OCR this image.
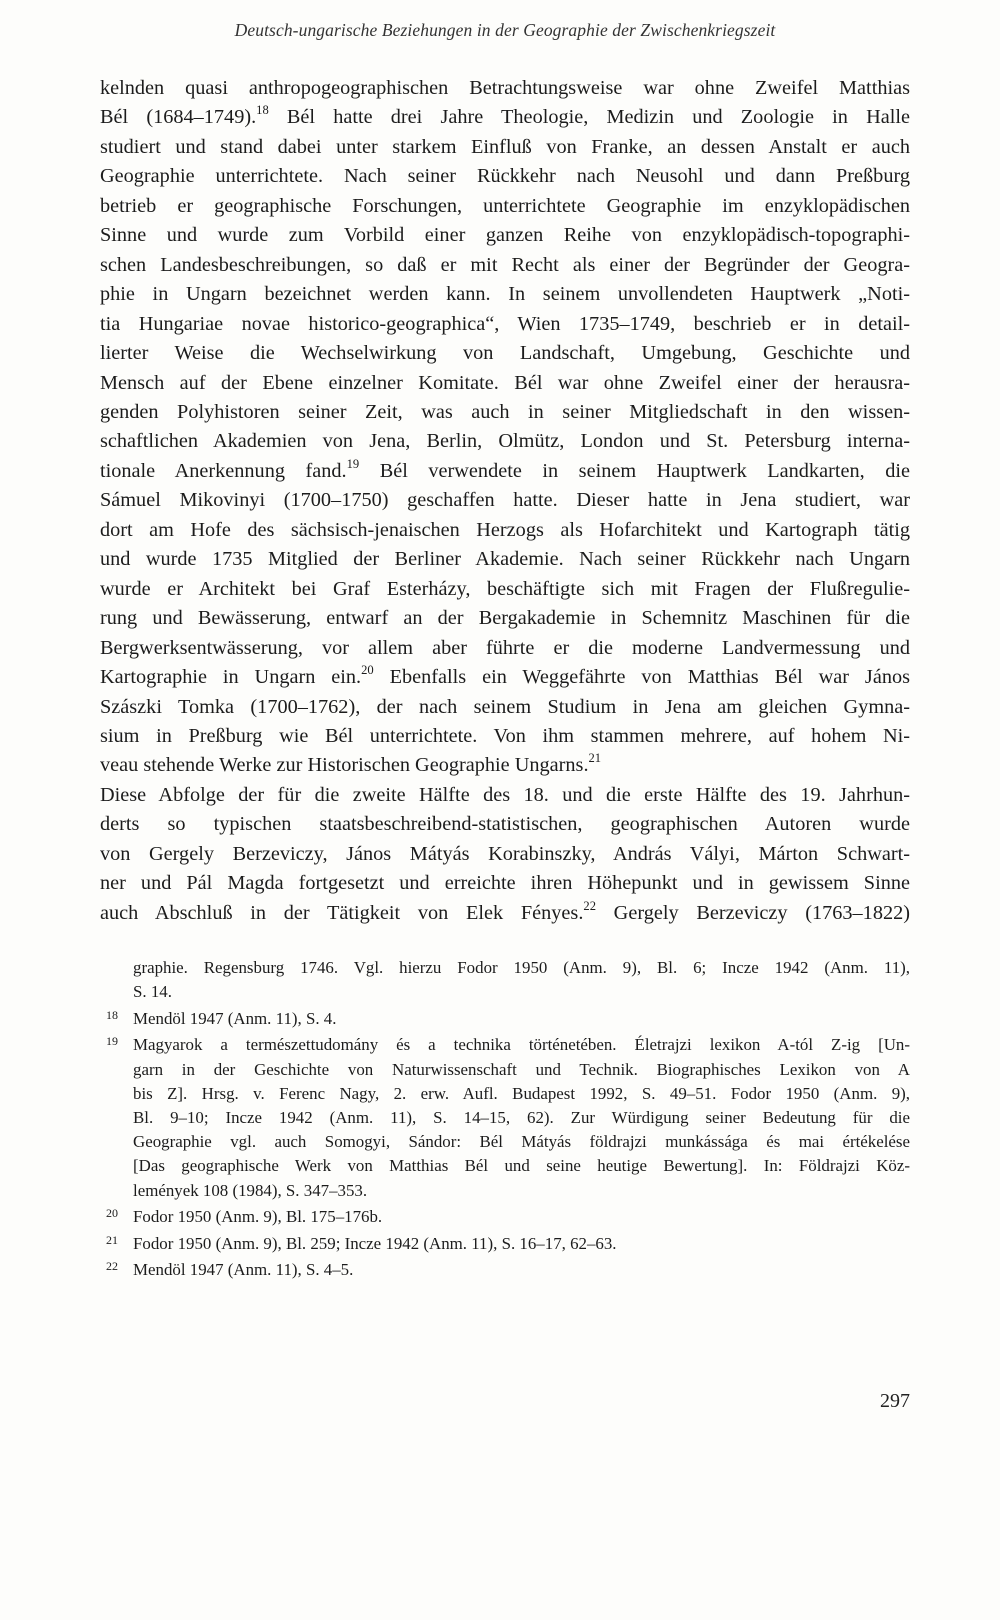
Deutsch-ungarische Beziehungen in der Geographie der Zwischenkriegszeit

kelnden quasi anthropogeographischen Betrachtungsweise war ohne Zweifel Matthias

Bél (1684–1749).$^{18}$ Bél hatte drei Jahre Theologie, Medizin und Zoologie in Halle

studiert und stand dabei unter starkem Einfluß von Franke, an dessen Anstalt er auch

Geographie unterrichtete. Nach seiner Rückkehr nach Neusohl und dann Preßburg

betrieb er geographische Forschungen, unterrichtete Geographie im enzyklopädischen

Sinne und wurde zum Vorbild einer ganzen Reihe von enzyklopädisch-topographi-

schen Landesbeschreibungen, so daß er mit Recht als einer der Begründer der Geogra-

phie in Ungarn bezeichnet werden kann. In seinem unvollendeten Hauptwerk „Noti-

tia Hungariae novae historico-geographica“, Wien 1735–1749, beschrieb er in detail-

lierter Weise die Wechselwirkung von Landschaft, Umgebung, Geschichte und

Mensch auf der Ebene einzelner Komitate. Bél war ohne Zweifel einer der herausra-

genden Polyhistoren seiner Zeit, was auch in seiner Mitgliedschaft in den wissen-

schaftlichen Akademien von Jena, Berlin, Olmütz, London und St. Petersburg interna-

tionale Anerkennung fand.$^{19}$ Bél verwendete in seinem Hauptwerk Landkarten, die

Sámuel Mikovinyi (1700–1750) geschaffen hatte. Dieser hatte in Jena studiert, war

dort am Hofe des sächsisch-jenaischen Herzogs als Hofarchitekt und Kartograph tätig

und wurde 1735 Mitglied der Berliner Akademie. Nach seiner Rückkehr nach Ungarn

wurde er Architekt bei Graf Esterházy, beschäftigte sich mit Fragen der Flußregulie-

rung und Bewässerung, entwarf an der Bergakademie in Schemnitz Maschinen für die

Bergwerksentwässerung, vor allem aber führte er die moderne Landvermessung und

Kartographie in Ungarn ein.$^{20}$ Ebenfalls ein Weggefährte von Matthias Bél war János

Szászki Tomka (1700–1762), der nach seinem Studium in Jena am gleichen Gymna-

sium in Preßburg wie Bél unterrichtete. Von ihm stammen mehrere, auf hohem Ni-

veau stehende Werke zur Historischen Geographie Ungarns.$^{21}$

Diese Abfolge der für die zweite Hälfte des 18. und die erste Hälfte des 19. Jahrhun-

derts so typischen staatsbeschreibend-statistischen, geographischen Autoren wurde

von Gergely Berzeviczy, János Mátyás Korabinszky, András Vályi, Márton Schwart-

ner und Pál Magda fortgesetzt und erreichte ihren Höhepunkt und in gewissem Sinne

auch Abschluß in der Tätigkeit von Elek Fényes.$^{22}$ Gergely Berzeviczy (1763–1822)

graphie. Regensburg 1746. Vgl. hierzu Fodor 1950 (Anm. 9), Bl. 6; Incze 1942 (Anm. 11),
S. 14.
18 Mendöl 1947 (Anm. 11), S. 4.
19 Magyarok a természettudomány és a technika történetében. Életrajzi lexikon A-tól Z-ig [Un-
garn in der Geschichte von Naturwissenschaft und Technik. Biographisches Lexikon von A
bis Z]. Hrsg. v. Ferenc Nagy, 2. erw. Aufl. Budapest 1992, S. 49–51. Fodor 1950 (Anm. 9),
Bl. 9–10; Incze 1942 (Anm. 11), S. 14–15, 62). Zur Würdigung seiner Bedeutung für die
Geographie vgl. auch Somogyi, Sándor: Bél Mátyás földrajzi munkássága és mai értékelése
[Das geographische Werk von Matthias Bél und seine heutige Bewertung]. In: Földrajzi Köz-
lemények 108 (1984), S. 347–353.
20 Fodor 1950 (Anm. 9), Bl. 175–176b.
21 Fodor 1950 (Anm. 9), Bl. 259; Incze 1942 (Anm. 11), S. 16–17, 62–63.
22 Mendöl 1947 (Anm. 11), S. 4–5.
297
